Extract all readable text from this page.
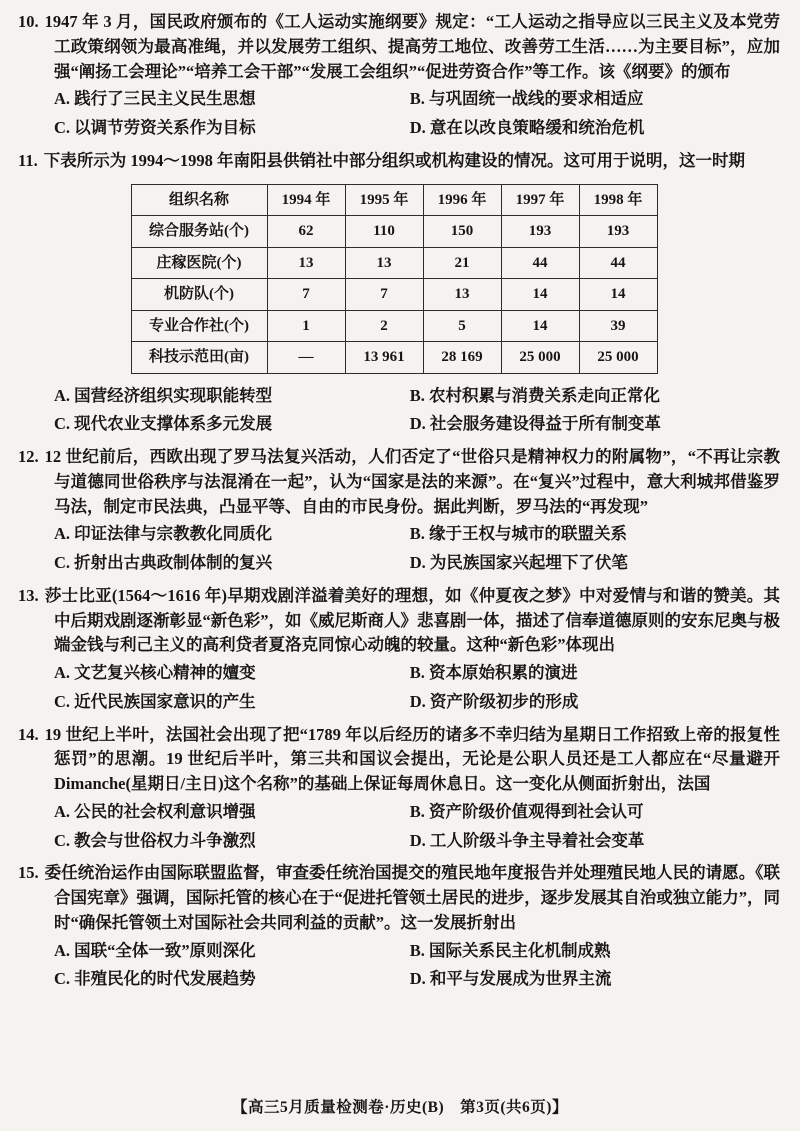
10. 1947 年 3 月，国民政府颁布的《工人运动实施纲要》规定：“工人运动之指导应以三民主义及本党劳工政策纲领为最高准绳，并以发展劳工组织、提高劳工地位、改善劳工生活……为主要目标”，应加强“阐扬工会理论”“培养工会干部”“发展工会组织”“促进劳资合作”等工作。该《纲要》的颁布

A. 践行了三民主义民生思想	B. 与巩固统一战线的要求相适应
C. 以调节劳资关系作为目标	D. 意在以改良策略缓和统治危机

11. 下表所示为 1994～1998 年南阳县供销社中部分组织或机构建设的情况。这可用于说明，这一时期

组织名称	1994 年	1995 年	1996 年	1997 年	1998 年
综合服务站(个)	62	110	150	193	193
庄稼医院(个)	13	13	21	44	44
机防队(个)	7	7	13	14	14
专业合作社(个)	1	2	5	14	39
科技示范田(亩)	—	13 961	28 169	25 000	25 000
A. 国营经济组织实现职能转型	B. 农村积累与消费关系走向正常化
C. 现代农业支撑体系多元发展	D. 社会服务建设得益于所有制变革

12. 12 世纪前后，西欧出现了罗马法复兴活动，人们否定了“世俗只是精神权力的附属物”，“不再让宗教与道德同世俗秩序与法混淆在一起”，认为“国家是法的来源”。在“复兴”过程中，意大利城邦借鉴罗马法，制定市民法典，凸显平等、自由的市民身份。据此判断，罗马法的“再发现”

A. 印证法律与宗教教化同质化	B. 缘于王权与城市的联盟关系
C. 折射出古典政制体制的复兴	D. 为民族国家兴起埋下了伏笔

13. 莎士比亚(1564～1616 年)早期戏剧洋溢着美好的理想，如《仲夏夜之梦》中对爱情与和谐的赞美。其中后期戏剧逐渐彰显“新色彩”，如《威尼斯商人》悲喜剧一体，描述了信奉道德原则的安东尼奥与极端金钱与利己主义的高利贷者夏洛克同惊心动魄的较量。这种“新色彩”体现出

A. 文艺复兴核心精神的嬗变	B. 资本原始积累的演进
C. 近代民族国家意识的产生	D. 资产阶级初步的形成

14. 19 世纪上半叶，法国社会出现了把“1789 年以后经历的诸多不幸归结为星期日工作招致上帝的报复性惩罚”的思潮。19 世纪后半叶，第三共和国议会提出，无论是公职人员还是工人都应在“尽量避开 Dimanche(星期日/主日)这个名称”的基础上保证每周休息日。这一变化从侧面折射出，法国

A. 公民的社会权利意识增强	B. 资产阶级价值观得到社会认可
C. 教会与世俗权力斗争激烈	D. 工人阶级斗争主导着社会变革

15. 委任统治运作由国际联盟监督，审查委任统治国提交的殖民地年度报告并处理殖民地人民的请愿。《联合国宪章》强调，国际托管的核心在于“促进托管领土居民的进步，逐步发展其自治或独立能力”，同时“确保托管领土对国际社会共同利益的贡献”。这一发展折射出

A. 国联“全体一致”原则深化	B. 国际关系民主化机制成熟
C. 非殖民化的时代发展趋势	D. 和平与发展成为世界主流
【高三5月质量检测卷·历史(B)　第3页(共6页)】
